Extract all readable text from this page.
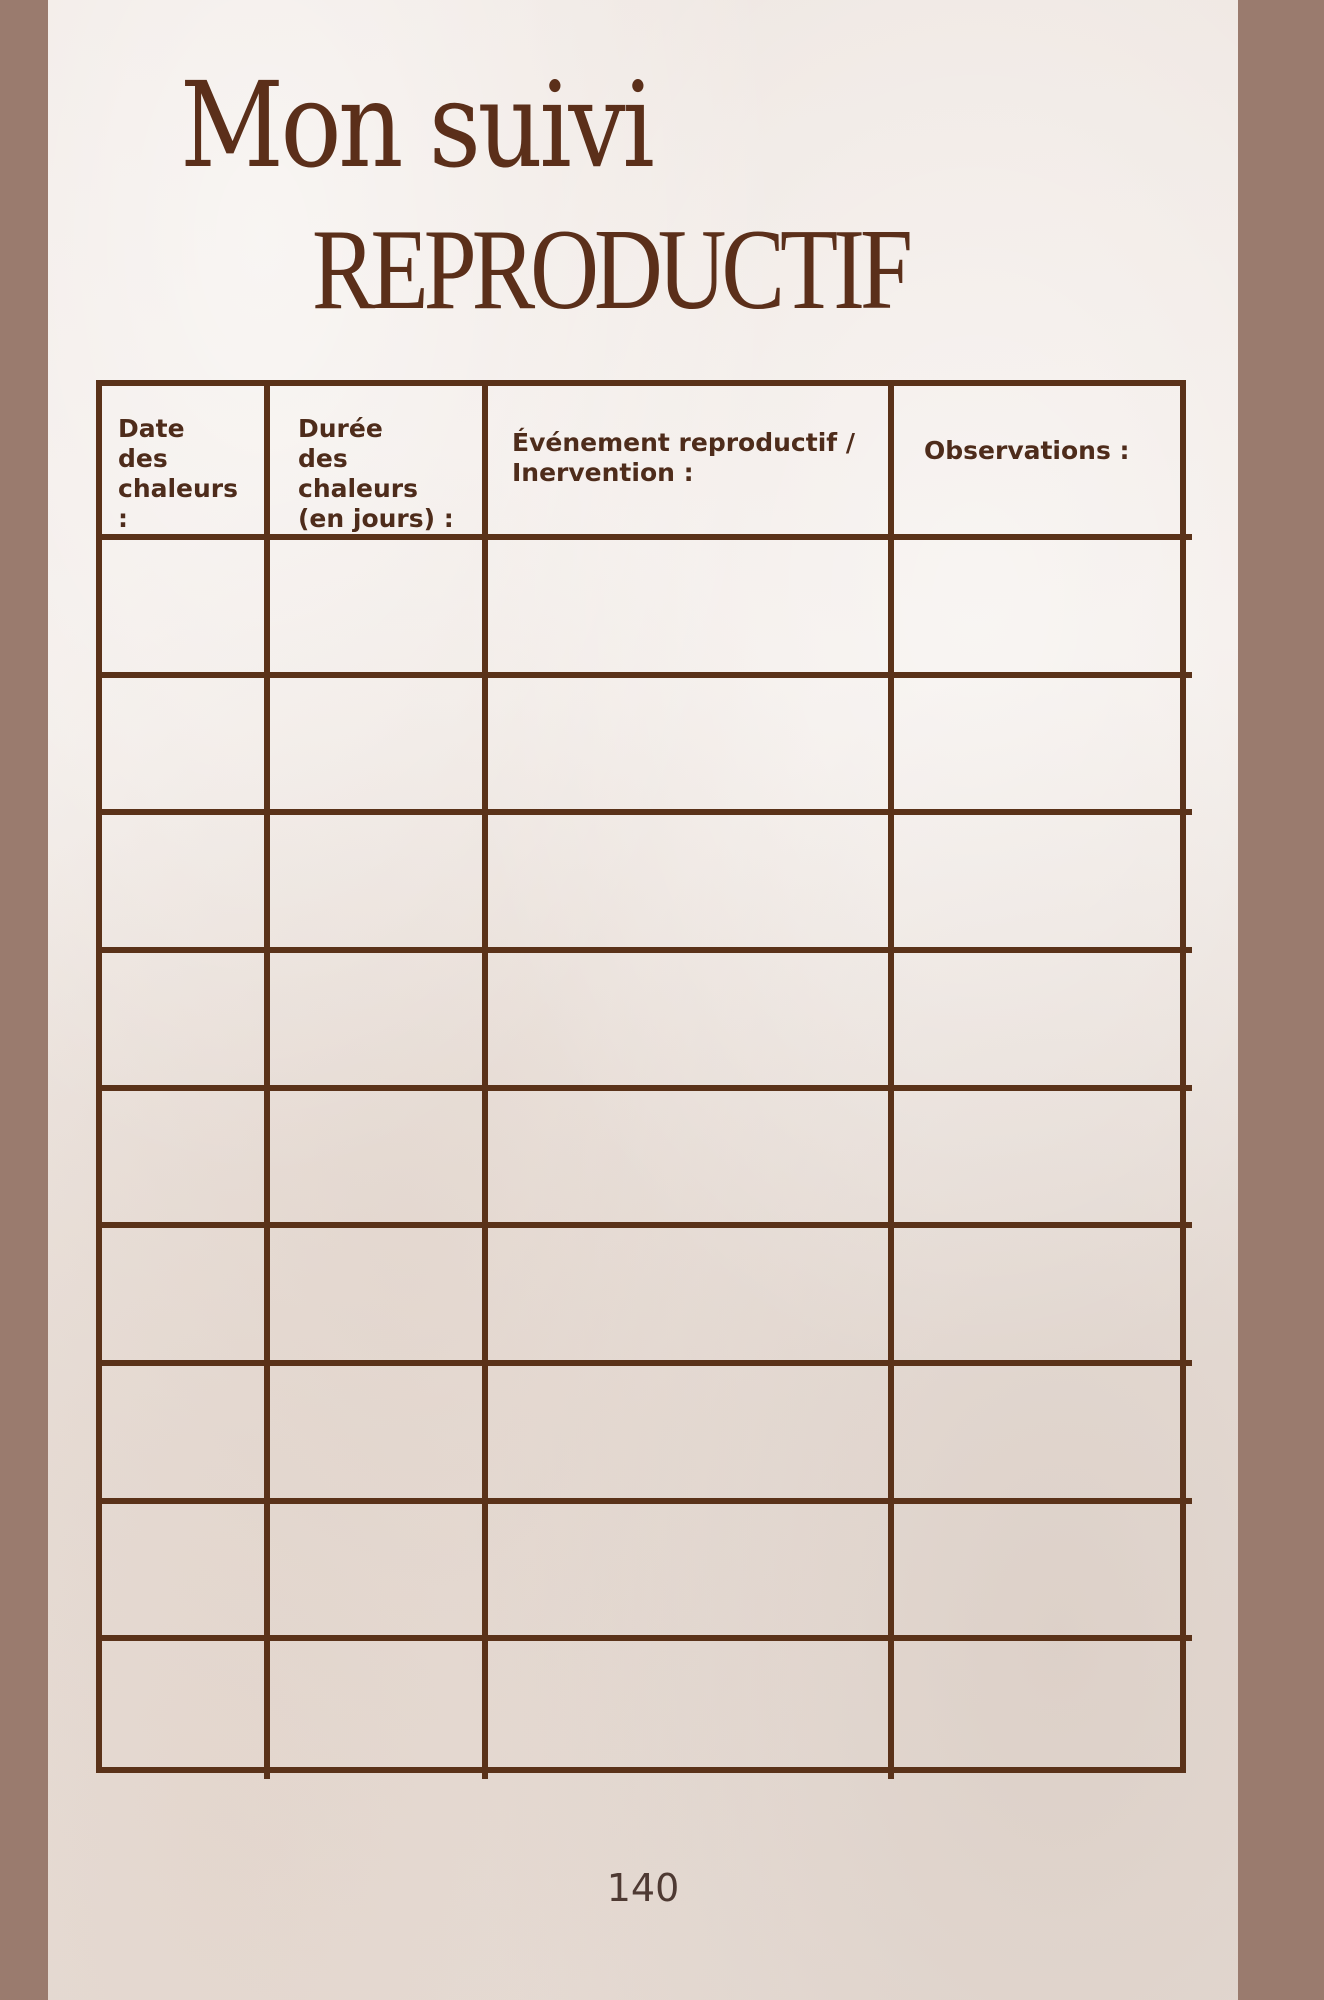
Mon suivi
REPRODUCTIF
Date
des
chaleurs :
Durée
des chaleurs
(en jours) :
Événement reproductif /
Inervention :
Observations :
140
